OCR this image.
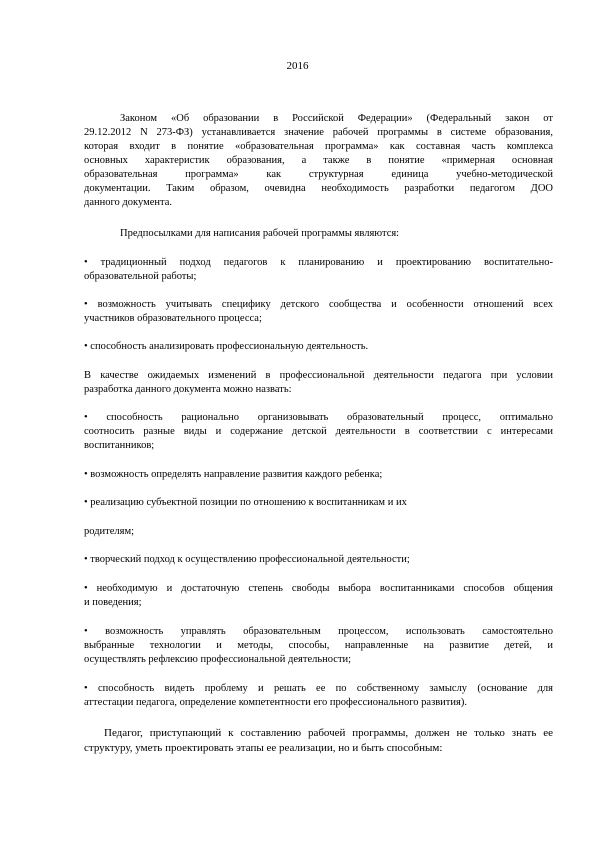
2016
Законом «Об образовании в Российской Федерации» (Федеральный закон от
29.12.2012 N 273-ФЗ) устанавливается значение рабочей программы в системе образования,
которая входит в понятие «образовательная программа» как составная часть комплекса
основных характеристик образования, а также в понятие «примерная основная
образовательная программа» как структурная единица учебно-методической
документации. Таким образом, очевидна необходимость разработки педагогом ДОО
данного документа.
Предпосылками для написания рабочей программы являются:
• традиционный подход педагогов к планированию и проектированию воспитательно-
образовательной работы;
• возможность учитывать специфику детского сообщества и особенности отношений всех
участников образовательного процесса;
• способность анализировать профессиональную деятельность.
В качестве ожидаемых изменений в профессиональной деятельности педагога при условии
разработка данного документа можно назвать:
• способность рационально организовывать образовательный процесс, оптимально
соотносить разные виды и содержание детской деятельности в соответствии с интересами
воспитанников;
• возможность определять направление развития каждого ребенка;
• реализацию субъектной позиции по отношению к воспитанникам и их
родителям;
• творческий подход к осуществлению профессиональной деятельности;
• необходимую и достаточную степень свободы выбора воспитанниками способов общения
и поведения;
• возможность управлять образовательным процессом, использовать самостоятельно
выбранные технологии и методы, способы, направленные на развитие детей, и
осуществлять рефлексию профессиональной деятельности;
• способность видеть проблему и решать ее по собственному замыслу (основание для
аттестации педагога, определение компетентности его профессионального развития).
Педагог, приступающий к составлению рабочей программы, должен не только знать ее
структуру, уметь проектировать этапы ее реализации, но и быть способным:
